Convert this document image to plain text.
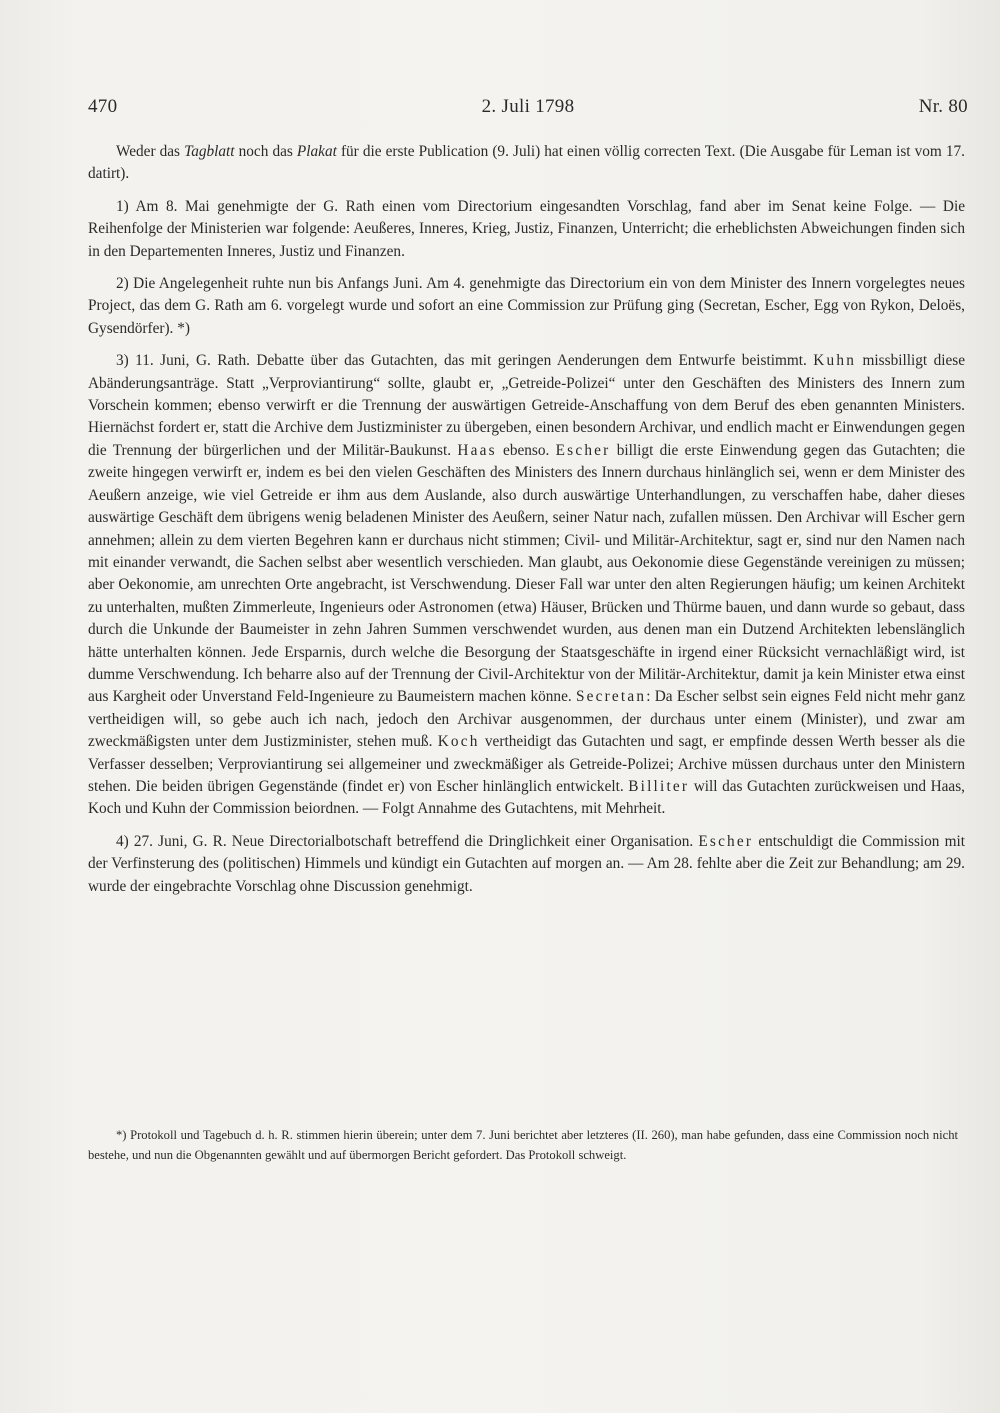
470	2. Juli 1798	Nr. 80

Weder das Tagblatt noch das Plakat für die erste Publication (9. Juli) hat einen völlig correcten Text. (Die Ausgabe für Leman ist vom 17. datirt).

1) Am 8. Mai genehmigte der G. Rath einen vom Directorium eingesandten Vorschlag, fand aber im Senat keine Folge. — Die Reihenfolge der Ministerien war folgende: Aeußeres, Inneres, Krieg, Justiz, Finanzen, Unterricht; die erheblichsten Abweichungen finden sich in den Departementen Inneres, Justiz und Finanzen.

2) Die Angelegenheit ruhte nun bis Anfangs Juni. Am 4. genehmigte das Directorium ein von dem Minister des Innern vorgelegtes neues Project, das dem G. Rath am 6. vorgelegt wurde und sofort an eine Commission zur Prüfung ging (Secretan, Escher, Egg von Rykon, Deloës, Gysendörfer). *)

3) 11. Juni, G. Rath. Debatte über das Gutachten, das mit geringen Aenderungen dem Entwurfe beistimmt. Kuhn missbilligt diese Abänderungsanträge. Statt „Verproviantirung“ sollte, glaubt er, „Getreide-Polizei“ unter den Geschäften des Ministers des Innern zum Vorschein kommen; ebenso verwirft er die Trennung der auswärtigen Getreide-Anschaffung von dem Beruf des eben genannten Ministers. Hiernächst fordert er, statt die Archive dem Justizminister zu übergeben, einen besondern Archivar, und endlich macht er Einwendungen gegen die Trennung der bürgerlichen und der Militär-Baukunst. Haas ebenso. Escher billigt die erste Einwendung gegen das Gutachten; die zweite hingegen verwirft er, indem es bei den vielen Geschäften des Ministers des Innern durchaus hinlänglich sei, wenn er dem Minister des Aeußern anzeige, wie viel Getreide er ihm aus dem Auslande, also durch auswärtige Unterhandlungen, zu verschaffen habe, daher dieses auswärtige Geschäft dem übrigens wenig beladenen Minister des Aeußern, seiner Natur nach, zufallen müssen. Den Archivar will Escher gern annehmen; allein zu dem vierten Begehren kann er durchaus nicht stimmen; Civil- und Militär-Architektur, sagt er, sind nur den Namen nach mit einander verwandt, die Sachen selbst aber wesentlich verschieden. Man glaubt, aus Oekonomie diese Gegenstände vereinigen zu müssen; aber Oekonomie, am unrechten Orte angebracht, ist Verschwendung. Dieser Fall war unter den alten Regierungen häufig; um keinen Architekt zu unterhalten, mußten Zimmerleute, Ingenieurs oder Astronomen (etwa) Häuser, Brücken und Thürme bauen, und dann wurde so gebaut, dass durch die Unkunde der Baumeister in zehn Jahren Summen verschwendet wurden, aus denen man ein Dutzend Architekten lebenslänglich hätte unterhalten können. Jede Ersparnis, durch welche die Besorgung der Staatsgeschäfte in irgend einer Rücksicht vernachläßigt wird, ist dumme Verschwendung. Ich beharre also auf der Trennung der Civil-Architektur von der Militär-Architektur, damit ja kein Minister etwa einst aus Kargheit oder Unverstand Feld-Ingenieure zu Baumeistern machen könne. Secretan: Da Escher selbst sein eignes Feld nicht mehr ganz vertheidigen will, so gebe auch ich nach, jedoch den Archivar ausgenommen, der durchaus unter einem (Minister), und zwar am zweckmäßigsten unter dem Justizminister, stehen muß. Koch vertheidigt das Gutachten und sagt, er empfinde dessen Werth besser als die Verfasser desselben; Verproviantirung sei allgemeiner und zweckmäßiger als Getreide-Polizei; Archive müssen durchaus unter den Ministern stehen. Die beiden übrigen Gegenstände (findet er) von Escher hinlänglich entwickelt. Billiter will das Gutachten zurückweisen und Haas, Koch und Kuhn der Commission beiordnen. — Folgt Annahme des Gutachtens, mit Mehrheit.

4) 27. Juni, G. R. Neue Directorialbotschaft betreffend die Dringlichkeit einer Organisation. Escher entschuldigt die Commission mit der Verfinsterung des (politischen) Himmels und kündigt ein Gutachten auf morgen an. — Am 28. fehlte aber die Zeit zur Behandlung; am 29. wurde der eingebrachte Vorschlag ohne Discussion genehmigt.

*) Protokoll und Tagebuch d. h. R. stimmen hierin überein; unter dem 7. Juni berichtet aber letzteres (II. 260), man habe gefunden, dass eine Commission noch nicht bestehe, und nun die Obgenannten gewählt und auf übermorgen Bericht gefordert. Das Protokoll schweigt.
